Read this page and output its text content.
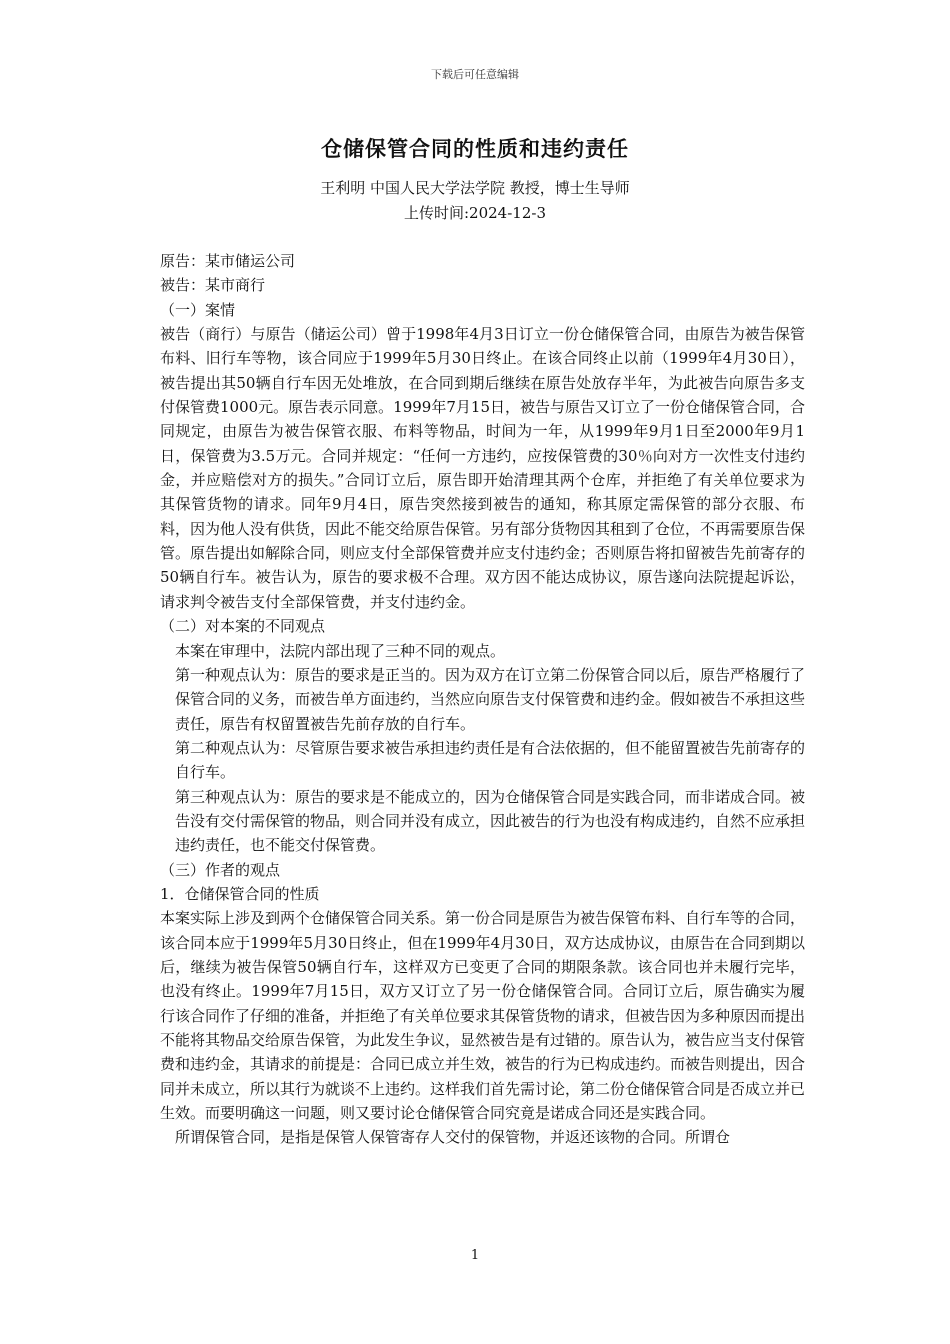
下载后可任意编辑
仓储保管合同的性质和违约责任
王利明 中国人民大学法学院 教授，博士生导师
上传时间:2024-12-3

原告：某市储运公司

被告：某市商行

（一）案情

被告（商行）与原告（储运公司）曾于1998年4月3日订立一份仓储保管合同，由原告为被告保管布料、旧行车等物，该合同应于1999年5月30日终止。在该合同终止以前（1999年4月30日），被告提出其50辆自行车因无处堆放，在合同到期后继续在原告处放存半年，为此被告向原告多支付保管费1000元。原告表示同意。1999年7月15日，被告与原告又订立了一份仓储保管合同，合同规定，由原告为被告保管衣服、布料等物品，时间为一年，从1999年9月1日至2000年9月1日，保管费为3.5万元。合同并规定：“任何一方违约，应按保管费的30％向对方一次性支付违约金，并应赔偿对方的损失。”合同订立后，原告即开始清理其两个仓库，并拒绝了有关单位要求为其保管货物的请求。同年9月4日，原告突然接到被告的通知，称其原定需保管的部分衣服、布料，因为他人没有供货，因此不能交给原告保管。另有部分货物因其租到了仓位，不再需要原告保管。原告提出如解除合同，则应支付全部保管费并应支付违约金；否则原告将扣留被告先前寄存的50辆自行车。被告认为，原告的要求极不合理。双方因不能达成协议，原告遂向法院提起诉讼，请求判令被告支付全部保管费，并支付违约金。

（二）对本案的不同观点

本案在审理中，法院内部出现了三种不同的观点。

第一种观点认为：原告的要求是正当的。因为双方在订立第二份保管合同以后，原告严格履行了保管合同的义务，而被告单方面违约，当然应向原告支付保管费和违约金。假如被告不承担这些责任，原告有权留置被告先前存放的自行车。

第二种观点认为：尽管原告要求被告承担违约责任是有合法依据的，但不能留置被告先前寄存的自行车。

第三种观点认为：原告的要求是不能成立的，因为仓储保管合同是实践合同，而非诺成合同。被告没有交付需保管的物品，则合同并没有成立，因此被告的行为也没有构成违约，自然不应承担违约责任，也不能交付保管费。

（三）作者的观点

1．仓储保管合同的性质

本案实际上涉及到两个仓储保管合同关系。第一份合同是原告为被告保管布料、自行车等的合同，该合同本应于1999年5月30日终止，但在1999年4月30日，双方达成协议，由原告在合同到期以后，继续为被告保管50辆自行车，这样双方已变更了合同的期限条款。该合同也并未履行完毕，也没有终止。1999年7月15日，双方又订立了另一份仓储保管合同。合同订立后，原告确实为履行该合同作了仔细的准备，并拒绝了有关单位要求其保管货物的请求，但被告因为多种原因而提出不能将其物品交给原告保管，为此发生争议，显然被告是有过错的。原告认为，被告应当支付保管费和违约金，其请求的前提是：合同已成立并生效，被告的行为已构成违约。而被告则提出，因合同并未成立，所以其行为就谈不上违约。这样我们首先需讨论，第二份仓储保管合同是否成立并已生效。而要明确这一问题，则又要讨论仓储保管合同究竟是诺成合同还是实践合同。

所谓保管合同，是指是保管人保管寄存人交付的保管物，并返还该物的合同。所谓仓

1
